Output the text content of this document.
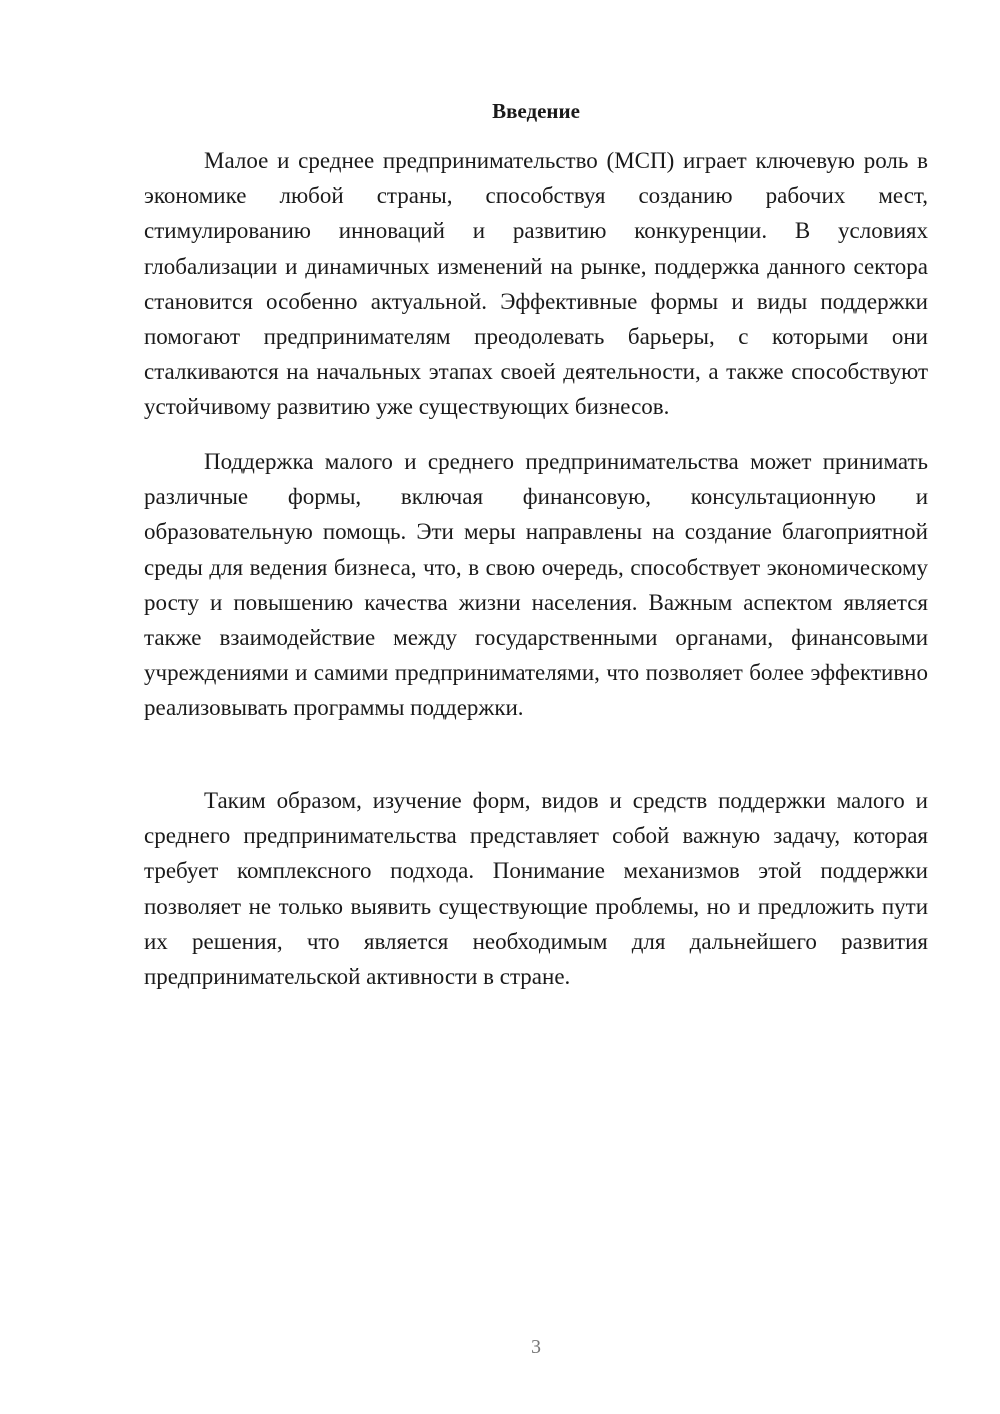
Введение

Малое и среднее предпринимательство (МСП) играет ключевую роль в экономике любой страны, способствуя созданию рабочих мест, стимулированию инноваций и развитию конкуренции. В условиях глобализации и динамичных изменений на рынке, поддержка данного сектора становится особенно актуальной. Эффективные формы и виды поддержки помогают предпринимателям преодолевать барьеры, с которыми они сталкиваются на начальных этапах своей деятельности, а также способствуют устойчивому развитию уже существующих бизнесов.

Поддержка малого и среднего предпринимательства может принимать различные формы, включая финансовую, консультационную и образовательную помощь. Эти меры направлены на создание благоприятной среды для ведения бизнеса, что, в свою очередь, способствует экономическому росту и повышению качества жизни населения. Важным аспектом является также взаимодействие между государственными органами, финансовыми учреждениями и самими предпринимателями, что позволяет более эффективно реализовывать программы поддержки.

Таким образом, изучение форм, видов и средств поддержки малого и среднего предпринимательства представляет собой важную задачу, которая требует комплексного подхода. Понимание механизмов этой поддержки позволяет не только выявить существующие проблемы, но и предложить пути их решения, что является необходимым для дальнейшего развития предпринимательской активности в стране.

3
